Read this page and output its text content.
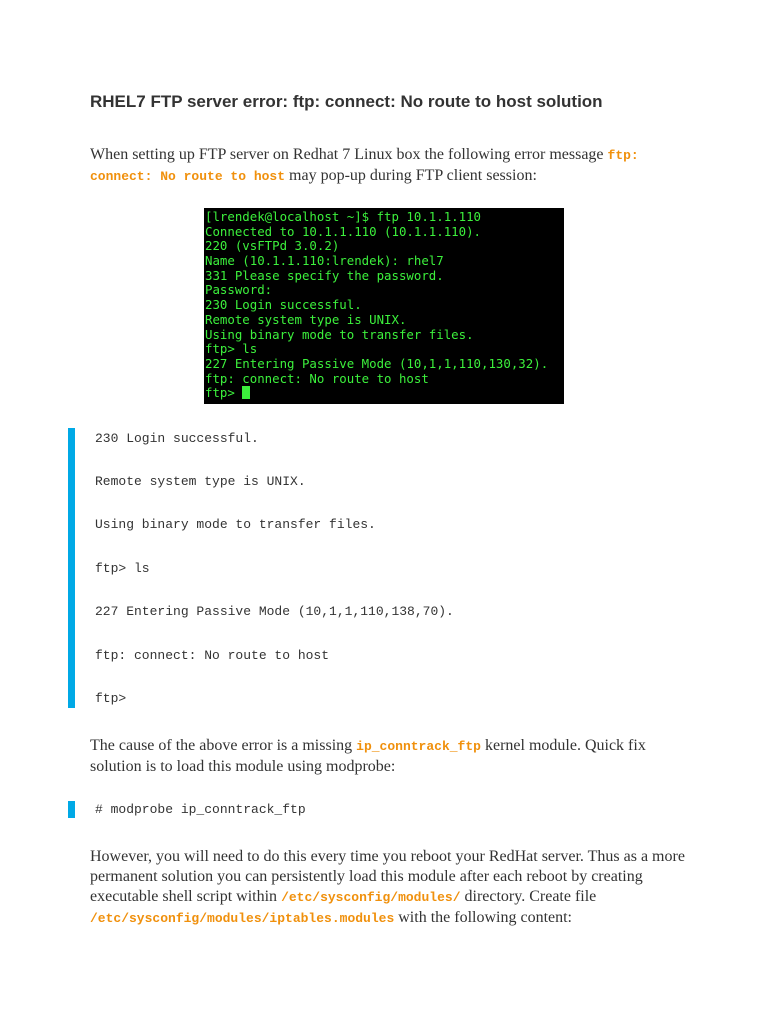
RHEL7 FTP server error: ftp: connect: No route to host solution

When setting up FTP server on Redhat 7 Linux box the following error message ftp: connect: No route to host may pop-up during FTP client session:

[lrendek@localhost ~]$ ftp 10.1.1.110
Connected to 10.1.1.110 (10.1.1.110).
220 (vsFTPd 3.0.2)
Name (10.1.1.110:lrendek): rhel7
331 Please specify the password.
Password:
230 Login successful.
Remote system type is UNIX.
Using binary mode to transfer files.
ftp> ls
227 Entering Passive Mode (10,1,1,110,130,32).
ftp: connect: No route to host
ftp>
230 Login successful.
Remote system type is UNIX.
Using binary mode to transfer files.
ftp> ls
227 Entering Passive Mode (10,1,1,110,138,70).
ftp: connect: No route to host
ftp>

The cause of the above error is a missing ip_conntrack_ftp kernel module. Quick fix solution is to load this module using modprobe:

# modprobe ip_conntrack_ftp

However, you will need to do this every time you reboot your RedHat server. Thus as a more permanent solution you can persistently load this module after each reboot by creating executable shell script within /etc/sysconfig/modules/ directory. Create file /etc/sysconfig/modules/iptables.modules with the following content:
